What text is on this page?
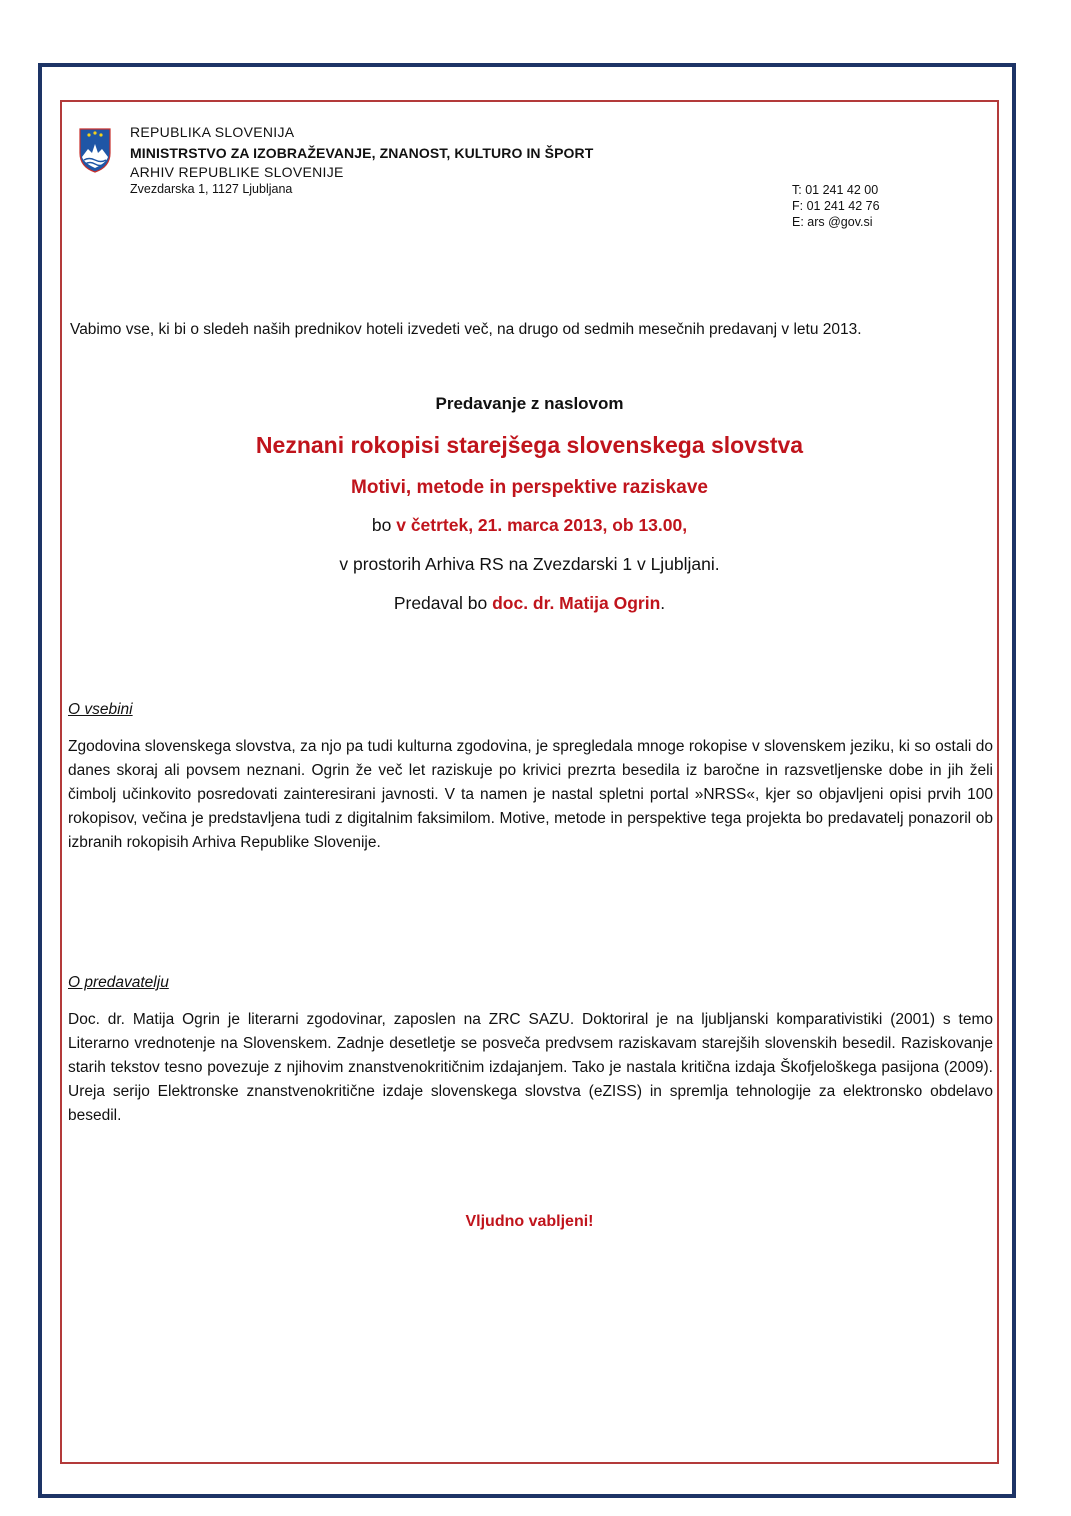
REPUBLIKA SLOVENIJA
MINISTRSTVO ZA IZOBRAŽEVANJE, ZNANOST, KULTURO IN ŠPORT
ARHIV REPUBLIKE SLOVENIJE
Zvezdarska 1, 1127 Ljubljana	T: 01 241 42 00
F: 01 241 42 76
E: ars @gov.si
Vabimo vse, ki bi o sledeh naših prednikov hoteli izvedeti več, na drugo od sedmih mesečnih predavanj v letu 2013.
Predavanje z naslovom
Neznani rokopisi starejšega slovenskega slovstva
Motivi, metode in perspektive raziskave
bo v četrtek, 21. marca 2013, ob 13.00,
v prostorih Arhiva RS na Zvezdarski 1 v Ljubljani.
Predaval bo doc. dr. Matija Ogrin.
O vsebini
Zgodovina slovenskega slovstva, za njo pa tudi kulturna zgodovina, je spregledala mnoge rokopise v slovenskem jeziku, ki so ostali do danes skoraj ali povsem neznani. Ogrin že več let raziskuje po krivici prezrta besedila iz baročne in razsvetljenske dobe in jih želi čimbolj učinkovito posredovati zainteresirani javnosti. V ta namen je nastal spletni portal »NRSS«, kjer so objavljeni opisi prvih 100 rokopisov, večina je predstavljena tudi z digitalnim faksimilom. Motive, metode in perspektive tega projekta bo predavatelj ponazoril ob izbranih rokopisih Arhiva Republike Slovenije.
O predavatelju
Doc. dr. Matija Ogrin je literarni zgodovinar, zaposlen na ZRC SAZU. Doktoriral je na ljubljanski komparativistiki (2001) s temo Literarno vrednotenje na Slovenskem. Zadnje desetletje se posveča predvsem raziskavam starejših slovenskih besedil. Raziskovanje starih tekstov tesno povezuje z njihovim znanstvenokritičnim izdajanjem. Tako je nastala kritična izdaja Škofjeloškega pasijona (2009). Ureja serijo Elektronske znanstvenokritične izdaje slovenskega slovstva (eZISS) in spremlja tehnologije za elektronsko obdelavo besedil.
Vljudno vabljeni!
